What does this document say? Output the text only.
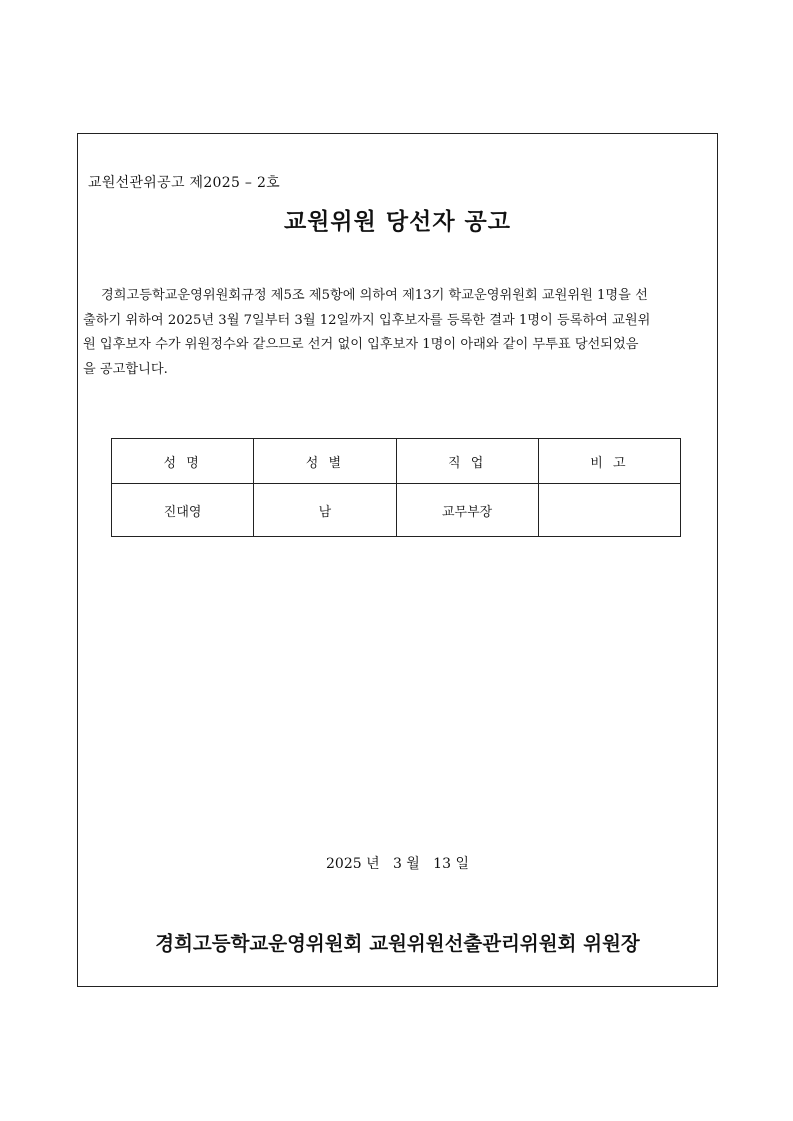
교원선관위공고 제2025 – 2호
교원위원 당선자 공고
경희고등학교운영위원회규정 제5조 제5항에 의하여 제13기 학교운영위원회 교원위원 1명을 선
출하기 위하여 2025년 3월 7일부터 3월 12일까지 입후보자를 등록한 결과 1명이 등록하여 교원위
원 입후보자 수가 위원정수와 같으므로 선거 없이 입후보자 1명이 아래와 같이 무투표 당선되었음
을 공고합니다.
성 명	성 별	직 업	비 고
진대영	남	교무부장	
2025 년   3 월   13 일
경희고등학교운영위원회 교원위원선출관리위원회 위원장
